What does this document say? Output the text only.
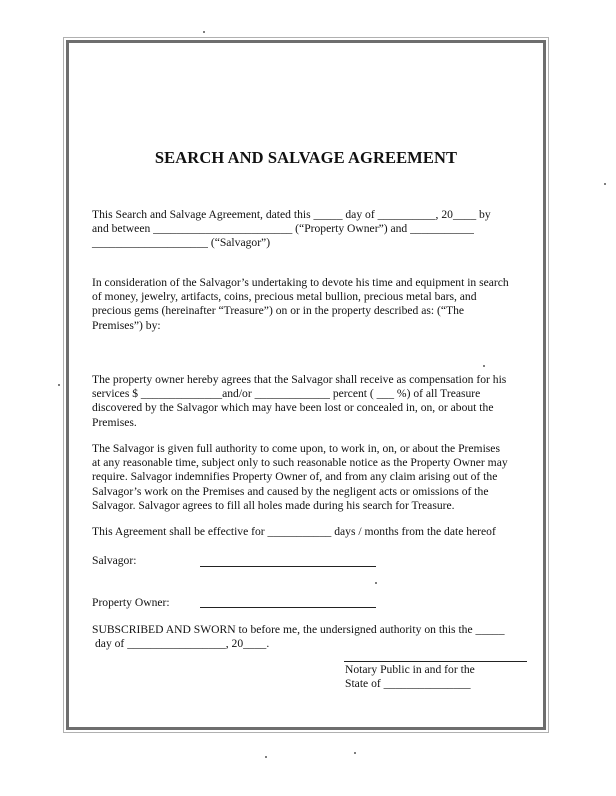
SEARCH AND SALVAGE AGREEMENT
This Search and Salvage Agreement, dated this _____ day of __________, 20____ by
and between ________________________ (“Property Owner”) and ___________
____________________ (“Salvagor”)
In consideration of the Salvagor’s undertaking to devote his time and equipment in search
of money, jewelry, artifacts, coins, precious metal bullion, precious metal bars, and
precious gems (hereinafter “Treasure”) on or in the property described as: (“The
Premises”) by:
The property owner hereby agrees that the Salvagor shall receive as compensation for his
services $ ______________and/or _____________ percent ( ___ %) of all Treasure
discovered by the Salvagor which may have been lost or concealed in, on, or about the
Premises.
The Salvagor is given full authority to come upon, to work in, on, or about the Premises
at any reasonable time, subject only to such reasonable notice as the Property Owner may
require. Salvagor indemnifies Property Owner of, and from any claim arising out of the
Salvagor’s work on the Premises and caused by the negligent acts or omissions of the
Salvagor. Salvagor agrees to fill all holes made during his search for Treasure.
This Agreement shall be effective for ___________ days / months from the date hereof
Salvagor:
Property Owner:
SUBSCRIBED AND SWORN to before me, the undersigned authority on this the _____
day of _________________, 20____.
Notary Public in and for the
State of _______________
